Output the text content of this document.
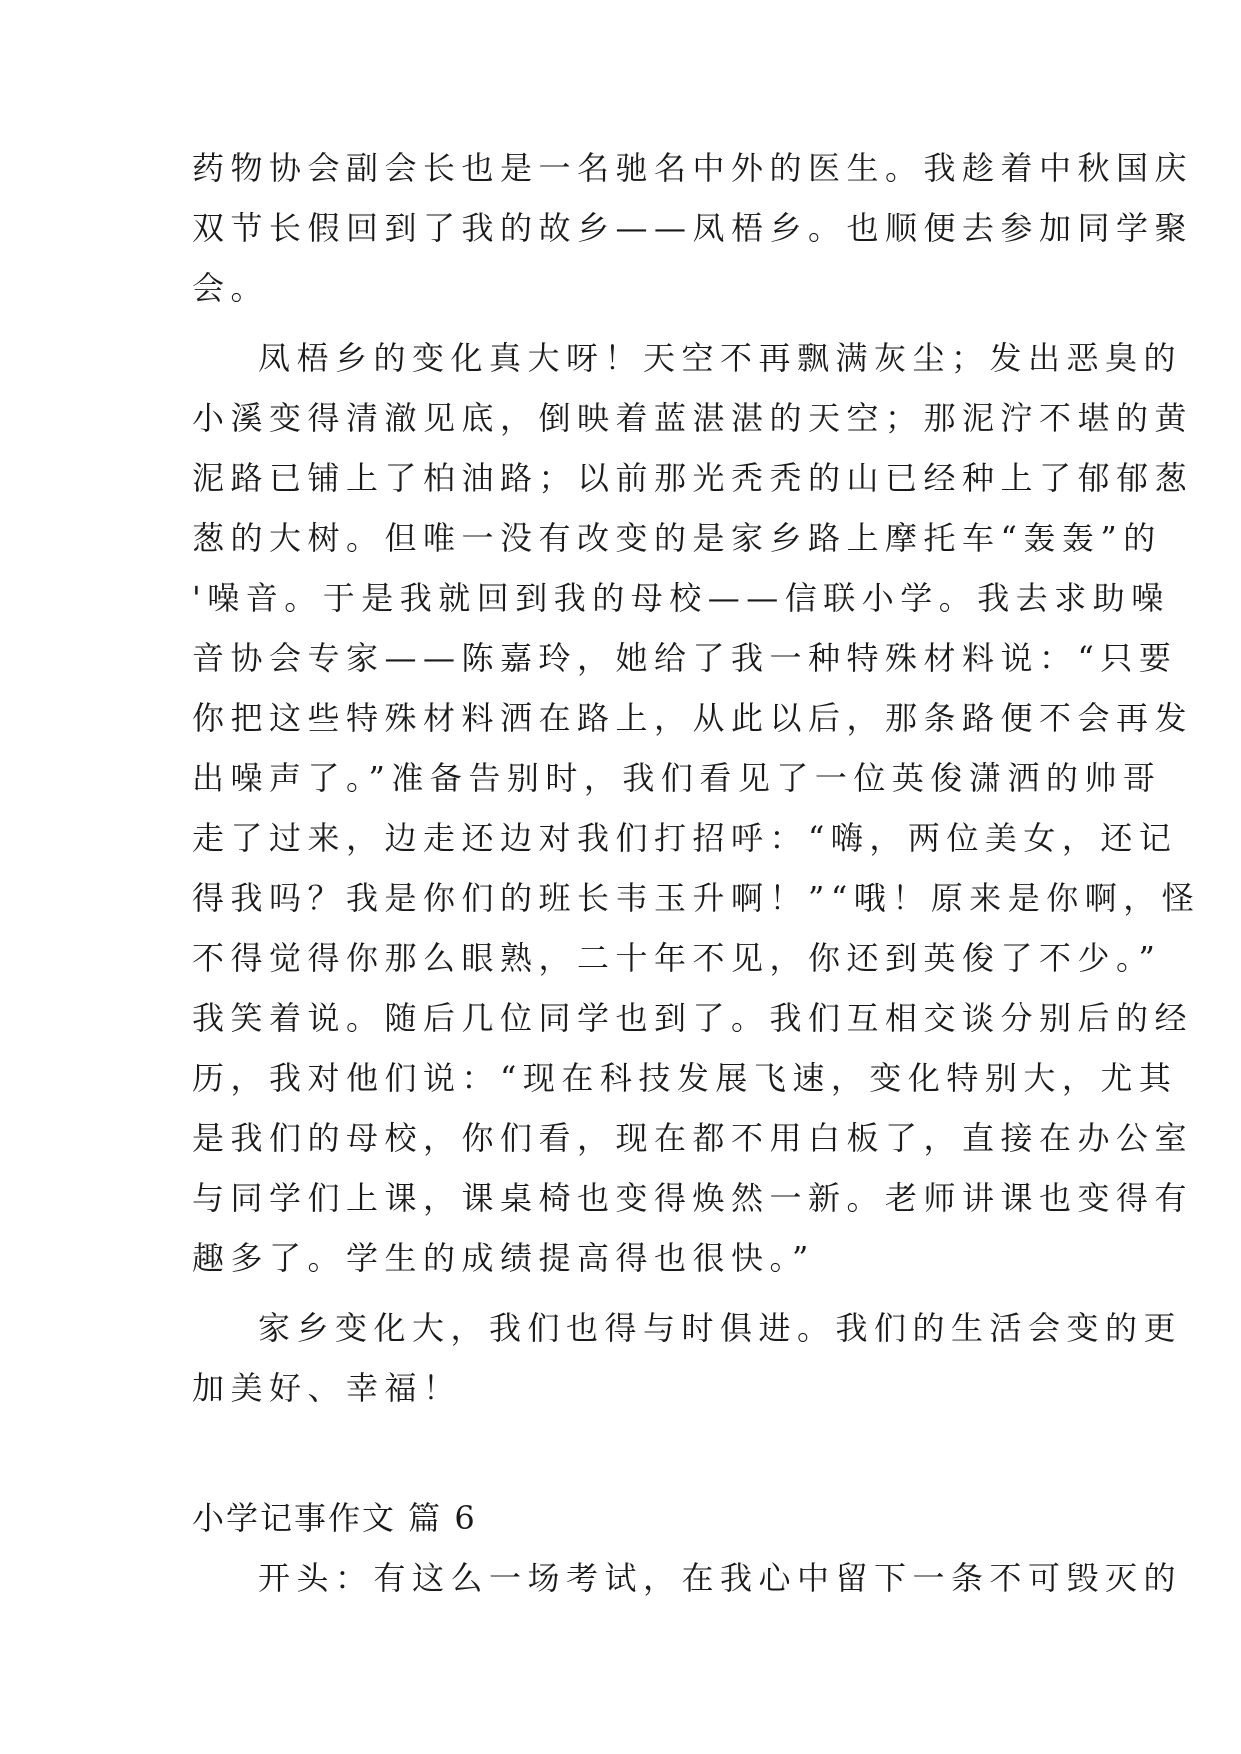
药物协会副会长也是一名驰名中外的医生。我趁着中秋国庆
双节长假回到了我的故乡——凤梧乡。也顺便去参加同学聚
会。
凤梧乡的变化真大呀！天空不再飘满灰尘；发出恶臭的
小溪变得清澈见底，倒映着蓝湛湛的天空；那泥泞不堪的黄
泥路已铺上了柏油路；以前那光秃秃的山已经种上了郁郁葱
葱的大树。但唯一没有改变的是家乡路上摩托车“轰轰”的
'噪音。于是我就回到我的母校——信联小学。我去求助噪
音协会专家——陈嘉玲，她给了我一种特殊材料说：“只要
你把这些特殊材料洒在路上，从此以后，那条路便不会再发
出噪声了。”准备告别时，我们看见了一位英俊潇洒的帅哥
走了过来，边走还边对我们打招呼：“嗨，两位美女，还记
得我吗？我是你们的班长韦玉升啊！”“哦！原来是你啊，怪
不得觉得你那么眼熟，二十年不见，你还到英俊了不少。”
我笑着说。随后几位同学也到了。我们互相交谈分别后的经
历，我对他们说：“现在科技发展飞速，变化特别大，尤其
是我们的母校，你们看，现在都不用白板了，直接在办公室
与同学们上课，课桌椅也变得焕然一新。老师讲课也变得有
趣多了。学生的成绩提高得也很快。”
家乡变化大，我们也得与时俱进。我们的生活会变的更
加美好、幸福！
小学记事作文 篇 6
开头：有这么一场考试，在我心中留下一条不可毁灭的
